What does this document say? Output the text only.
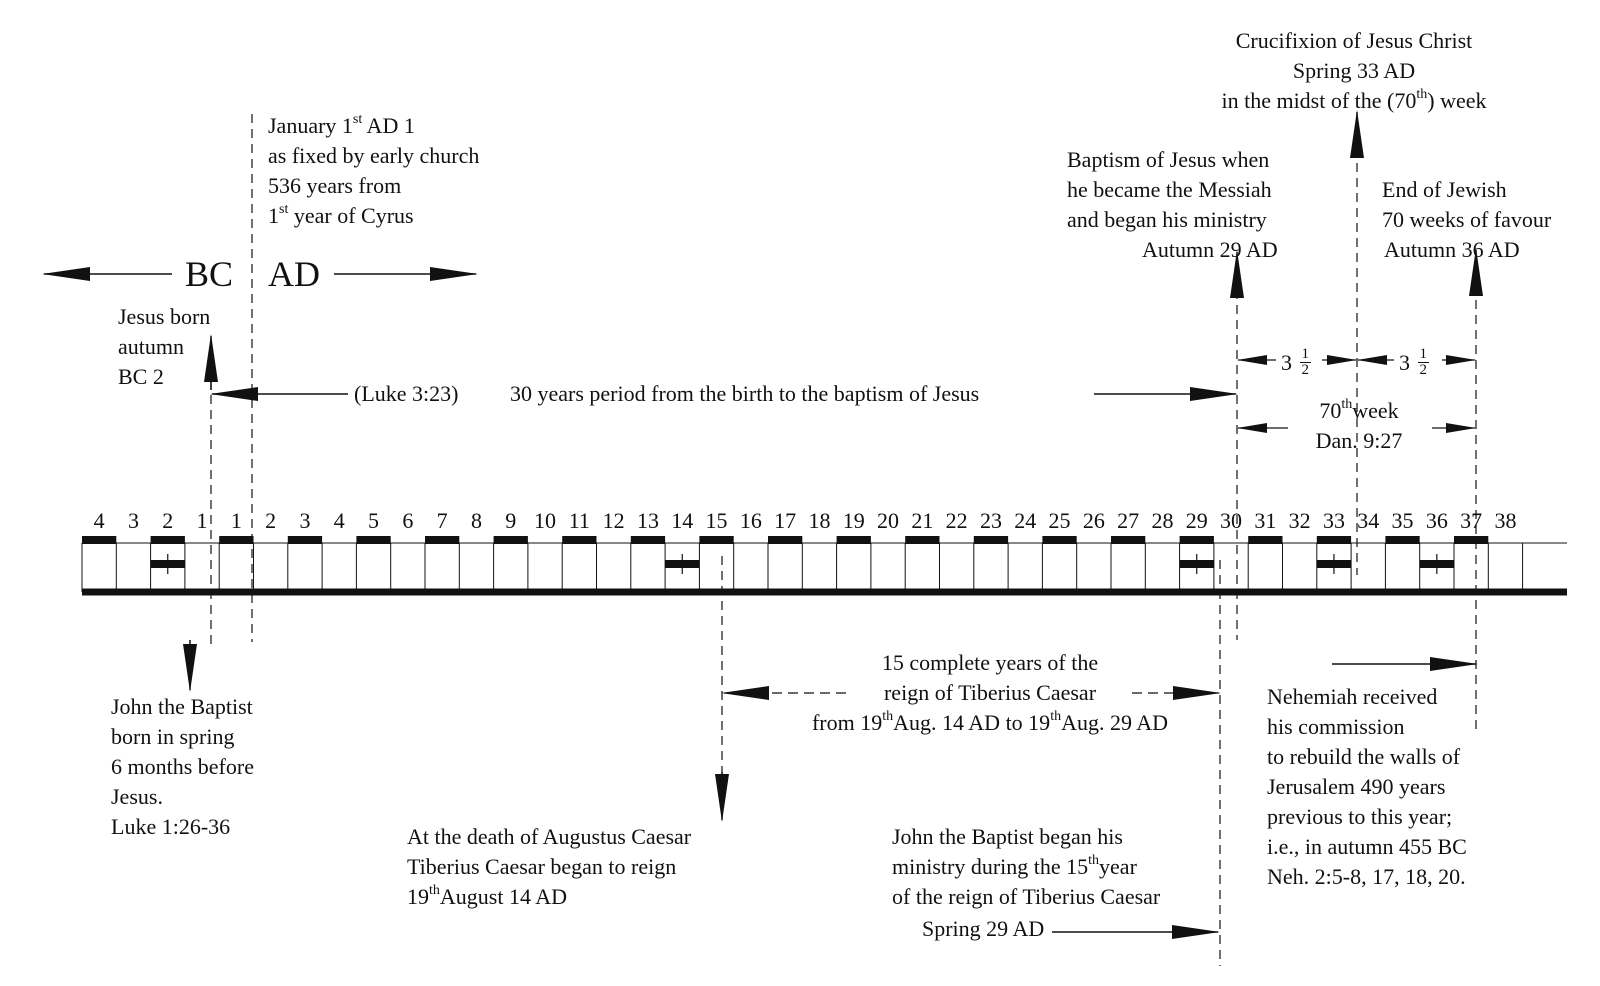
4 3 2 1 1 2 3 4 5 6 7 8 9 10 11 12 13 14 15 16 17 18 19 20 21 22 23 24 25 26 27 28 29 30 31 32 33 34 35 36 37 38
BC AD
January 1st AD 1
as fixed by early church
536 years from
1st year of Cyrus
Jesus born
autumn
BC 2
(Luke 3:23) 30 years period from the birth to the baptism of Jesus
Crucifixion of Jesus Christ
Spring 33 AD
in the midst of the (70th) week
Baptism of Jesus when
he became the Messiah
and began his ministry
Autumn 29 AD
End of Jewish
70 weeks of favour
Autumn 36 AD
$3 \frac{1}{2}$	$3 \frac{1}{2}$
70thweek
Dan. 9:27
John the Baptist
born in spring
6 months before
Jesus.
Luke 1:26-36
15 complete years of the
reign of Tiberius Caesar
from 19thAug. 14 AD to 19thAug. 29 AD
At the death of Augustus Caesar
Tiberius Caesar began to reign
19thAugust 14 AD
John the Baptist began his
ministry during the 15thyear
of the reign of Tiberius Caesar
Spring 29 AD
Nehemiah received
his commission
to rebuild the walls of
Jerusalem 490 years
previous to this year;
i.e., in autumn 455 BC
Neh. 2:5-8, 17, 18, 20.
